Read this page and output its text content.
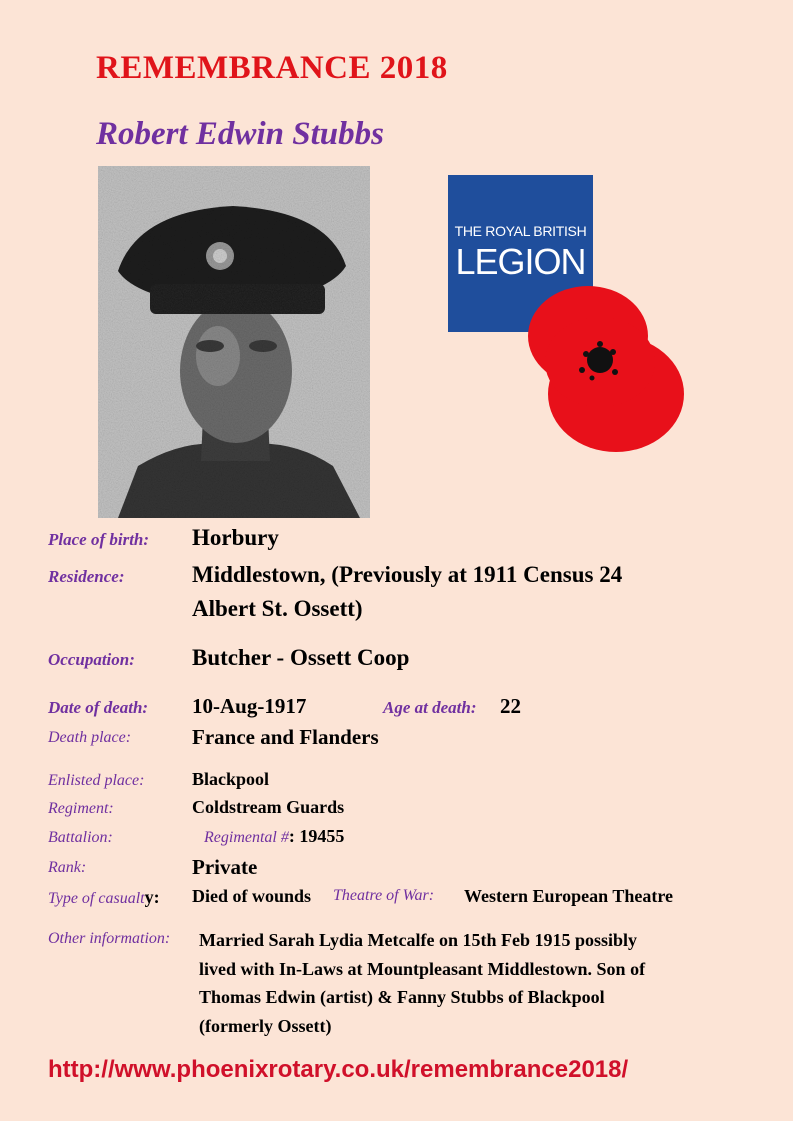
REMEMBRANCE 2018
Robert Edwin Stubbs
THE ROYAL BRITISH
LEGION
Place of birth: Horbury
Residence:	Middlestown, (Previously at 1911 Census 24
Albert St. Ossett)
Occupation: Butcher - Ossett Coop
Date of death: 10-Aug-1917	Age at death: 22
Death place:	France and Flanders
Enlisted place:	Blackpool
Regiment:	Coldstream Guards
Battalion:	Regimental #: 19455
Rank:	Private
Type of casualty: Died of wounds Theatre of War: Western European Theatre
Other information: Married Sarah Lydia Metcalfe on 15th Feb 1915 possibly
lived with In-Laws at Mountpleasant Middlestown. Son of
Thomas Edwin (artist) & Fanny Stubbs of Blackpool
(formerly Ossett)
http://www.phoenixrotary.co.uk/remembrance2018/
